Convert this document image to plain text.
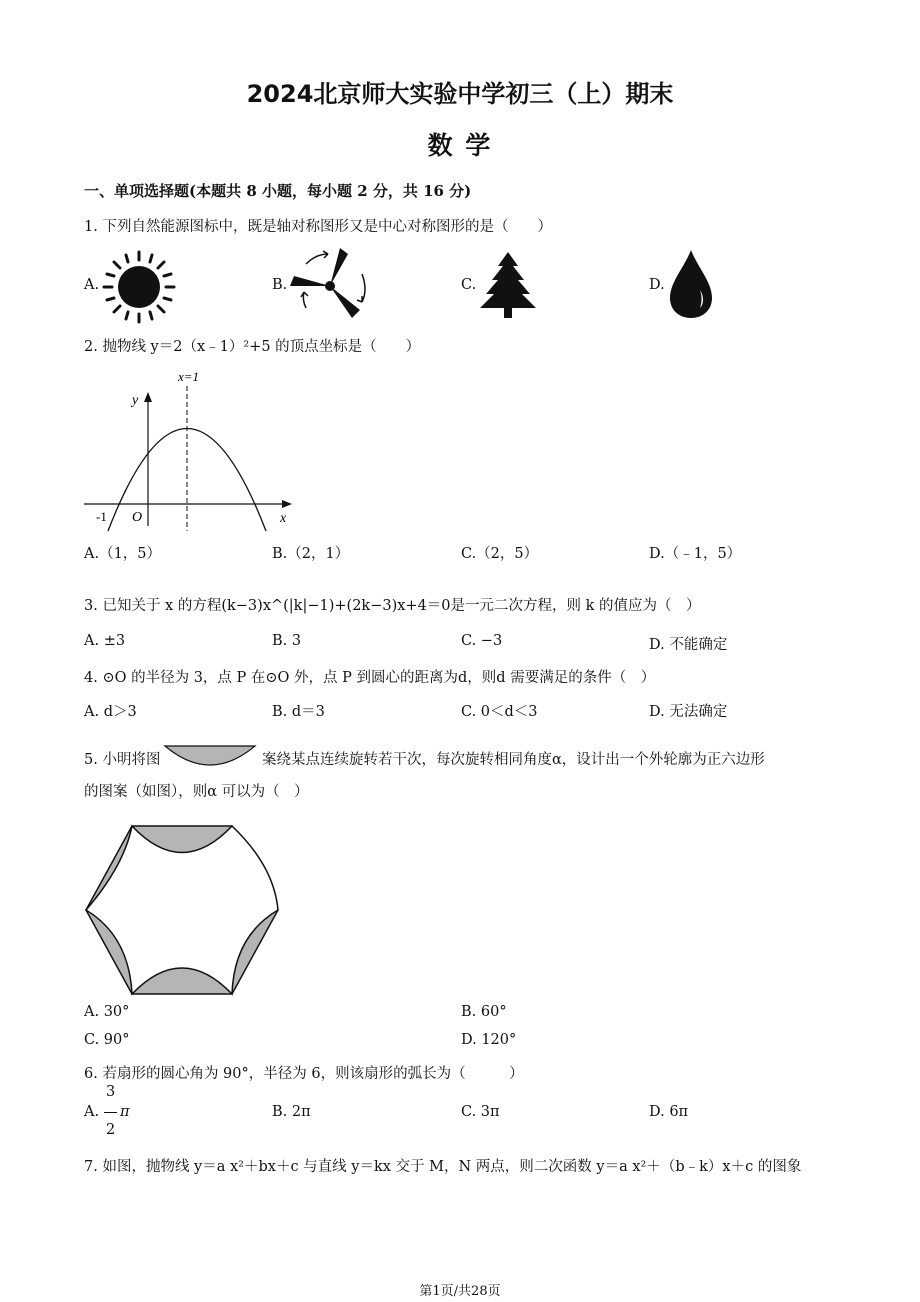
2024北京师大实验中学初三（上）期末
数 学
一、单项选择题(本题共 8 小题，每小题 2 分，共 16 分)
1. 下列自然能源图标中，既是轴对称图形又是中心对称图形的是（　　）
A.	B.	C.	D.
2. 抛物线 y＝2（x﹣1）²+5 的顶点坐标是（　　）
x=1
y
x
O
-1
A.（1，5）	B.（2，1）	C.（2，5）	D.（﹣1，5）
3. 已知关于 x 的方程(k−3)x^(|k|−1)+(2k−3)x+4＝0是一元二次方程，则 k 的值应为（　）
A. ±3	B. 3	C. −3	D. 不能确定
4. ⊙O 的半径为 3，点 P 在⊙O 外，点 P 到圆心的距离为d，则d 需要满足的条件（　）
A. d＞3	B. d＝3	C. 0＜d＜3	D. 无法确定
5. 小明将图	案绕某点连续旋转若干次，每次旋转相同角度α，设计出一个外轮廓为正六边形
的图案（如图），则α 可以为（　）
A. 30°	B. 60°
C. 90°	D. 120°
6. 若扇形的圆心角为 90°，半径为 6，则该扇形的弧长为（　　　）
A.
3
2
π	B. 2π	C. 3π	D. 6π
7. 如图，抛物线 y＝a x²＋bx＋c 与直线 y＝kx 交于 M，N 两点，则二次函数 y＝a x²＋（b﹣k）x＋c 的图象
第1页/共28页
